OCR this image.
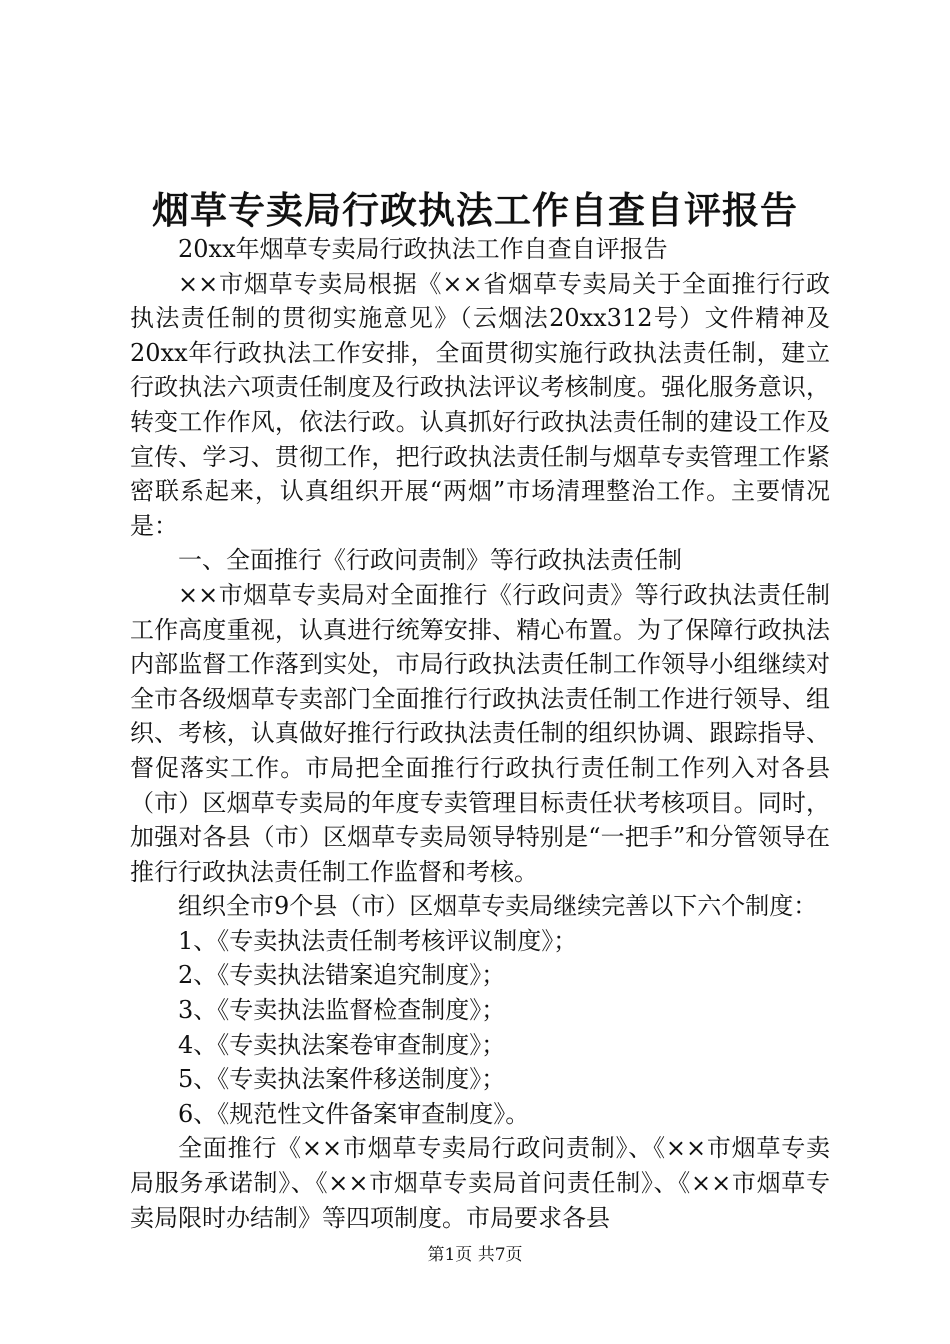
烟草专卖局行政执法工作自查自评报告

20xx年烟草专卖局行政执法工作自查自评报告

××市烟草专卖局根据《××省烟草专卖局关于全面推行行政执法责任制的贯彻实施意见》（云烟法20xx312号）文件精神及20xx年行政执法工作安排，全面贯彻实施行政执法责任制，建立行政执法六项责任制度及行政执法评议考核制度。强化服务意识，转变工作作风，依法行政。认真抓好行政执法责任制的建设工作及宣传、学习、贯彻工作，把行政执法责任制与烟草专卖管理工作紧密联系起来，认真组织开展“两烟”市场清理整治工作。主要情况是：

一、全面推行《行政问责制》等行政执法责任制

××市烟草专卖局对全面推行《行政问责》等行政执法责任制工作高度重视，认真进行统筹安排、精心布置。为了保障行政执法内部监督工作落到实处，市局行政执法责任制工作领导小组继续对全市各级烟草专卖部门全面推行行政执法责任制工作进行领导、组织、考核，认真做好推行行政执法责任制的组织协调、跟踪指导、督促落实工作。市局把全面推行行政执行责任制工作列入对各县（市）区烟草专卖局的年度专卖管理目标责任状考核项目。同时，加强对各县（市）区烟草专卖局领导特别是“一把手”和分管领导在推行行政执法责任制工作监督和考核。

组织全市9个县（市）区烟草专卖局继续完善以下六个制度：

1、《专卖执法责任制考核评议制度》；

2、《专卖执法错案追究制度》；

3、《专卖执法监督检查制度》；

4、《专卖执法案卷审查制度》；

5、《专卖执法案件移送制度》；

6、《规范性文件备案审查制度》。

全面推行《××市烟草专卖局行政问责制》、《××市烟草专卖局服务承诺制》、《××市烟草专卖局首问责任制》、《××市烟草专卖局限时办结制》等四项制度。市局要求各县

第1页 共7页
